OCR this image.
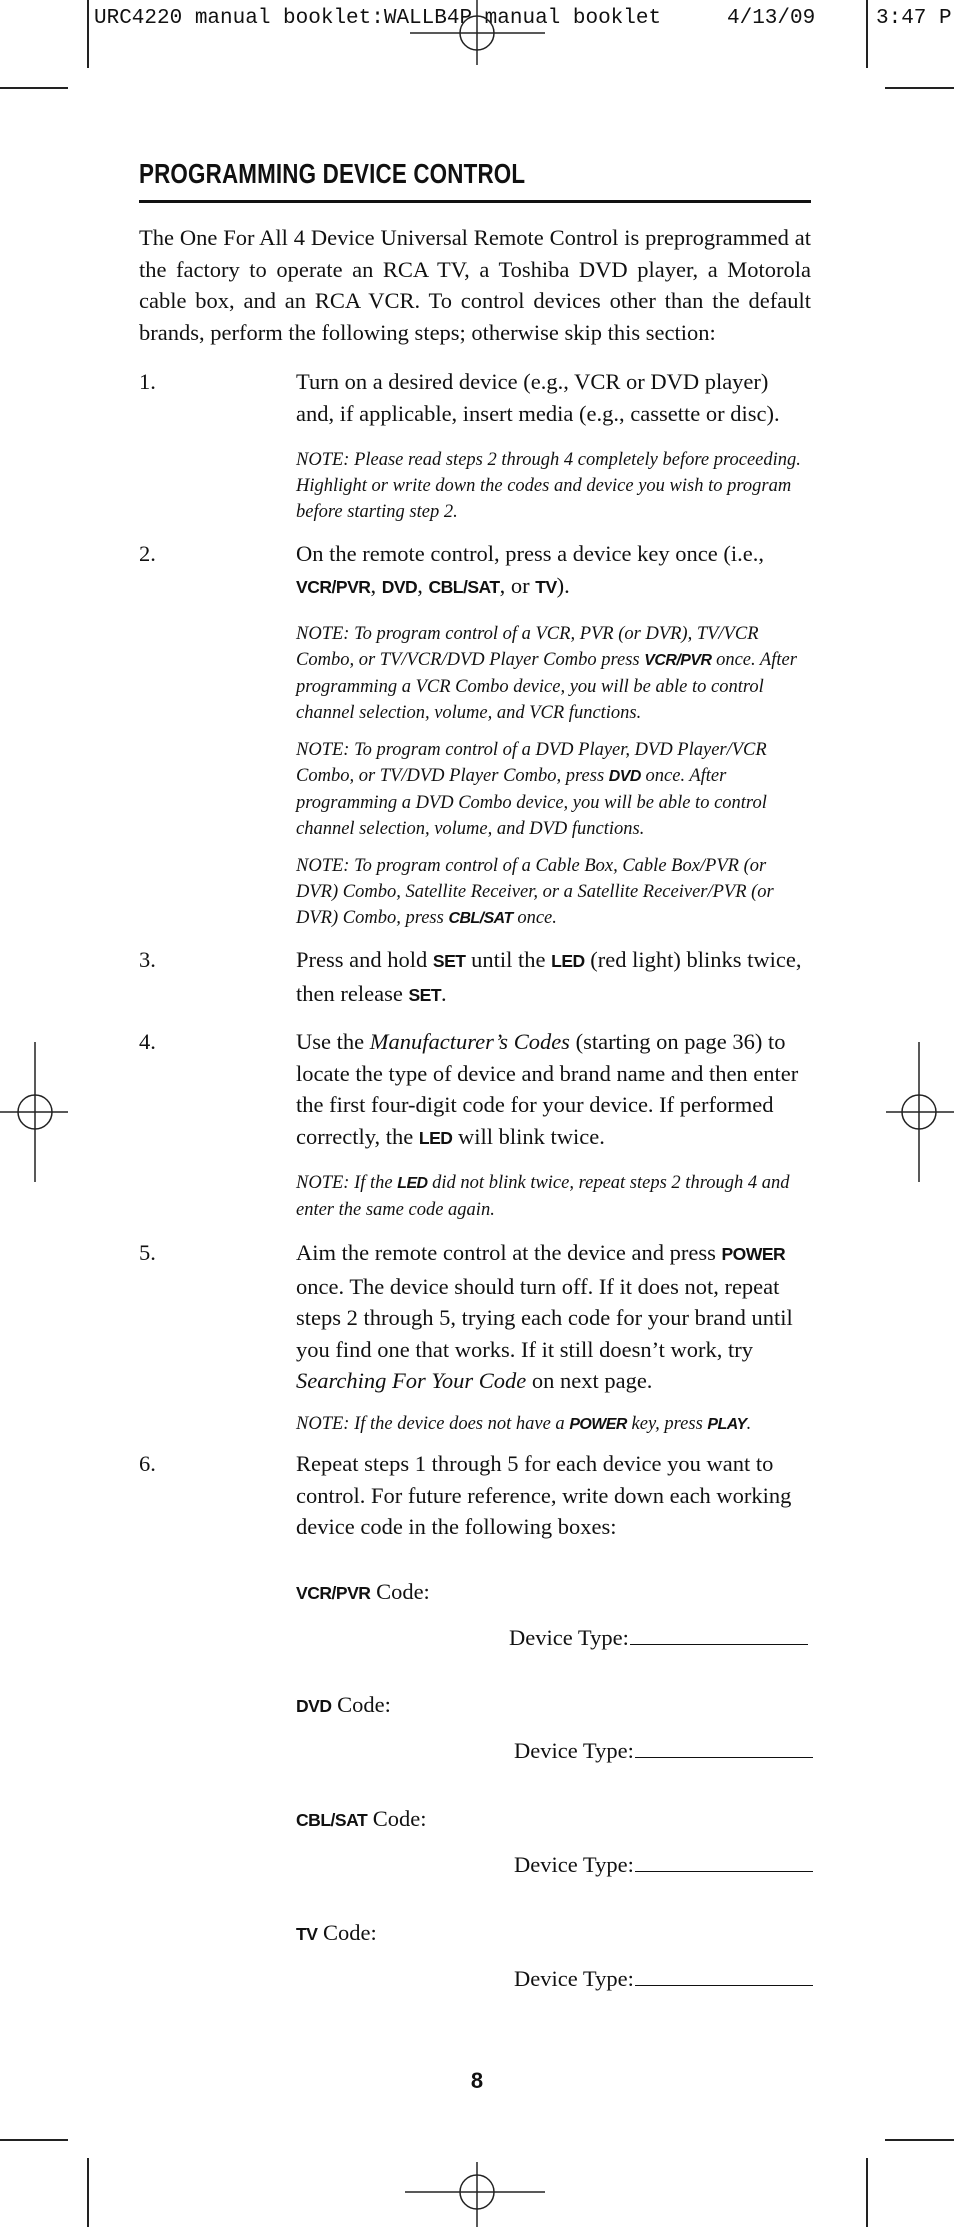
URC4220 manual booklet:WALLB4P manual booklet	4/13/09	3:47 P
PROGRAMMING DEVICE CONTROL
The One For All 4 Device Universal Remote Control is preprogrammed at the factory to operate an RCA TV, a Toshiba DVD player, a Motorola cable box, and an RCA VCR. To control devices other than the default brands, perform the following steps; otherwise skip this section:
1.	Turn on a desired device (e.g., VCR or DVD player) and, if applicable, insert media (e.g., cassette or disc).
NOTE: Please read steps 2 through 4 completely before proceeding. Highlight or write down the codes and device you wish to program before starting step 2.
2.	On the remote control, press a device key once (i.e., VCR/PVR, DVD, CBL/SAT, or TV).
NOTE: To program control of a VCR, PVR (or DVR), TV/VCR Combo, or TV/VCR/DVD Player Combo press VCR/PVR once. After programming a VCR Combo device, you will be able to control channel selection, volume, and VCR functions.
NOTE: To program control of a DVD Player, DVD Player/VCR Combo, or TV/DVD Player Combo, press DVD once. After programming a DVD Combo device, you will be able to control channel selection, volume, and DVD functions.
NOTE: To program control of a Cable Box, Cable Box/PVR (or DVR) Combo, Satellite Receiver, or a Satellite Receiver/PVR (or DVR) Combo, press CBL/SAT once.
3.	Press and hold SET until the LED (red light) blinks twice, then release SET.
4.	Use the Manufacturer’s Codes (starting on page 36) to locate the type of device and brand name and then enter the first four-digit code for your device. If performed correctly, the LED will blink twice.
NOTE: If the LED did not blink twice, repeat steps 2 through 4 and enter the same code again.
5.	Aim the remote control at the device and press POWER once. The device should turn off. If it does not, repeat steps 2 through 5, trying each code for your brand until you find one that works. If it still doesn’t work, try Searching For Your Code on next page.
NOTE: If the device does not have a POWER key, press PLAY.
6.	Repeat steps 1 through 5 for each device you want to control. For future reference, write down each working device code in the following boxes:
VCR/PVR Code:
Device Type:
DVD Code:
Device Type:
CBL/SAT Code:
Device Type:
TV Code:
Device Type:
8
